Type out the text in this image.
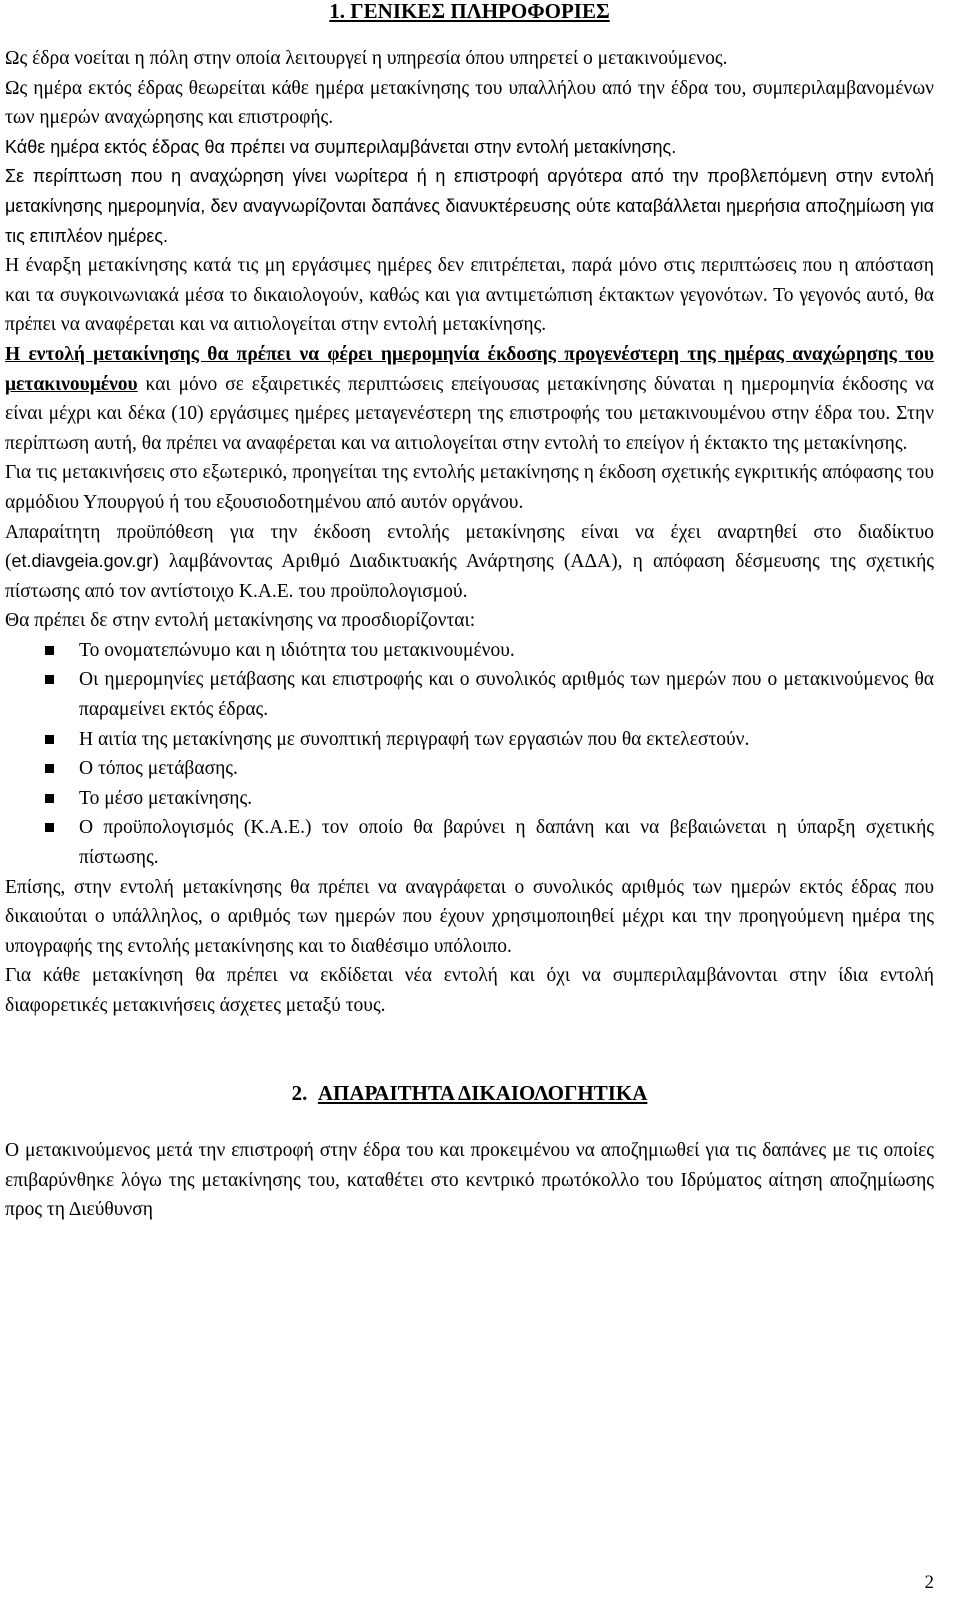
1. ΓΕΝΙΚΕΣ ΠΛΗΡΟΦΟΡΙΕΣ

Ως έδρα νοείται η πόλη στην οποία λειτουργεί η υπηρεσία όπου υπηρετεί ο μετακινούμενος.

Ως ημέρα εκτός έδρας θεωρείται κάθε ημέρα μετακίνησης του υπαλλήλου από την έδρα του, συμπεριλαμβανομένων των ημερών αναχώρησης και επιστροφής.

Κάθε ημέρα εκτός έδρας θα πρέπει να συμπεριλαμβάνεται στην εντολή μετακίνησης.

Σε περίπτωση που η αναχώρηση γίνει νωρίτερα ή η επιστροφή αργότερα από την προβλεπόμενη στην εντολή μετακίνησης ημερομηνία, δεν αναγνωρίζονται δαπάνες διανυκτέρευσης ούτε καταβάλλεται ημερήσια αποζημίωση για τις επιπλέον ημέρες.

Η έναρξη μετακίνησης κατά τις μη εργάσιμες ημέρες δεν επιτρέπεται, παρά μόνο στις περιπτώσεις που η απόσταση και τα συγκοινωνιακά μέσα το δικαιολογούν, καθώς και για αντιμετώπιση έκτακτων γεγονότων. Το γεγονός αυτό, θα πρέπει να αναφέρεται και να αιτιολογείται στην εντολή μετακίνησης.

Η εντολή μετακίνησης θα πρέπει να φέρει ημερομηνία έκδοσης προγενέστερη της ημέρας αναχώρησης του μετακινουμένου και μόνο σε εξαιρετικές περιπτώσεις επείγουσας μετακίνησης δύναται η ημερομηνία έκδοσης να είναι μέχρι και δέκα (10) εργάσιμες ημέρες μεταγενέστερη της επιστροφής του μετακινουμένου στην έδρα του. Στην περίπτωση αυτή, θα πρέπει να αναφέρεται και να αιτιολογείται στην εντολή το επείγον ή έκτακτο της μετακίνησης.

Για τις μετακινήσεις στο εξωτερικό, προηγείται της εντολής μετακίνησης η έκδοση σχετικής εγκριτικής απόφασης του αρμόδιου Υπουργού ή του εξουσιοδοτημένου από αυτόν οργάνου.

Απαραίτητη προϋπόθεση για την έκδοση εντολής μετακίνησης είναι να έχει αναρτηθεί στο διαδίκτυο (et.diavgeia.gov.gr) λαμβάνοντας Αριθμό Διαδικτυακής Ανάρτησης (ΑΔΑ), η απόφαση δέσμευσης της σχετικής πίστωσης από τον αντίστοιχο Κ.Α.Ε. του προϋπολογισμού.

Θα πρέπει δε στην εντολή μετακίνησης να προσδιορίζονται:

Το ονοματεπώνυμο και η ιδιότητα του μετακινουμένου.
Οι ημερομηνίες μετάβασης και επιστροφής και ο συνολικός αριθμός των ημερών που ο μετακινούμενος θα παραμείνει εκτός έδρας.
Η αιτία της μετακίνησης με συνοπτική περιγραφή των εργασιών που θα εκτελεστούν.
Ο τόπος μετάβασης.
Το μέσο μετακίνησης.
Ο προϋπολογισμός (Κ.Α.Ε.) τον οποίο θα βαρύνει η δαπάνη και να βεβαιώνεται η ύπαρξη σχετικής πίστωσης.

Επίσης, στην εντολή μετακίνησης θα πρέπει να αναγράφεται ο συνολικός αριθμός των ημερών εκτός έδρας που δικαιούται ο υπάλληλος, ο αριθμός των ημερών που έχουν χρησιμοποιηθεί μέχρι και την προηγούμενη ημέρα της υπογραφής της εντολής μετακίνησης και το διαθέσιμο υπόλοιπο.

Για κάθε μετακίνηση θα πρέπει να εκδίδεται νέα εντολή και όχι να συμπεριλαμβάνονται στην ίδια εντολή διαφορετικές μετακινήσεις άσχετες μεταξύ τους.

2. ΑΠΑΡΑΙΤΗΤΑ ΔΙΚΑΙΟΛΟΓΗΤΙΚΑ

Ο μετακινούμενος μετά την επιστροφή στην έδρα του και προκειμένου να αποζημιωθεί για τις δαπάνες με τις οποίες επιβαρύνθηκε λόγω της μετακίνησης του, καταθέτει στο κεντρικό πρωτόκολλο του Ιδρύματος αίτηση αποζημίωσης προς τη Διεύθυνση

2
